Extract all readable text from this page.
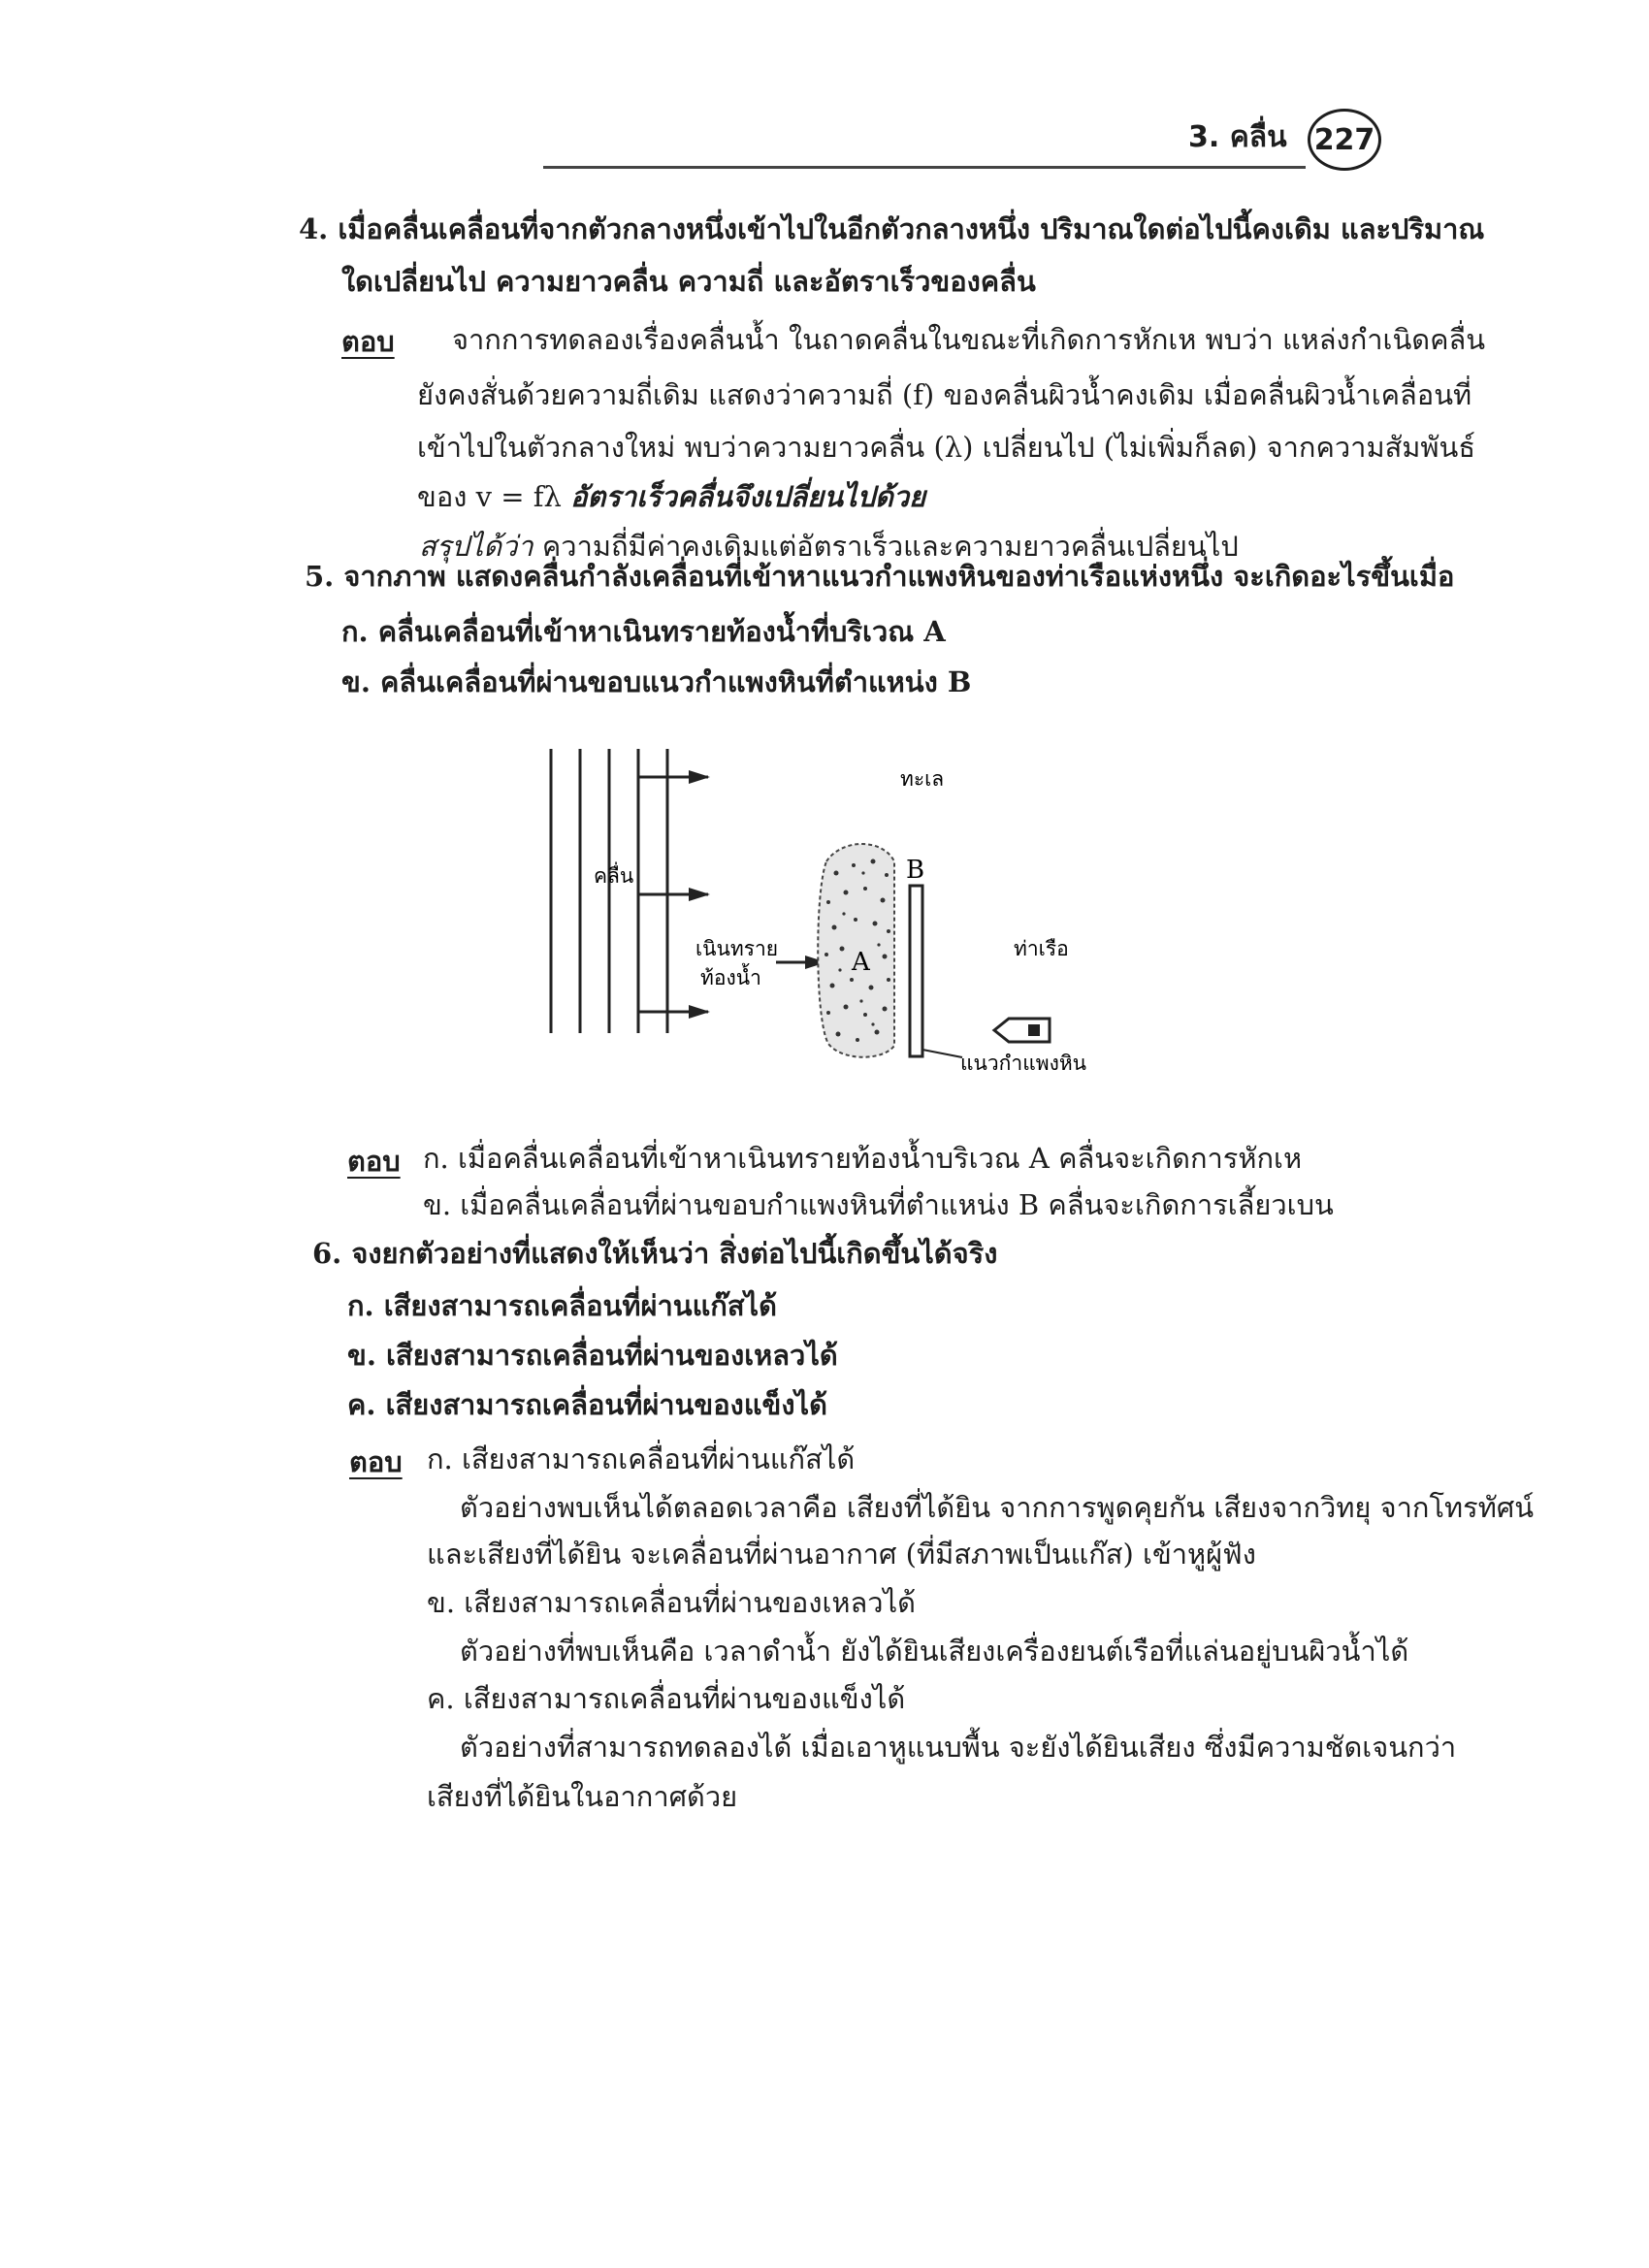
3. คลื่น 227
4. เมื่อคลื่นเคลื่อนที่จากตัวกลางหนึ่งเข้าไปในอีกตัวกลางหนึ่ง ปริมาณใดต่อไปนี้คงเดิม และปริมาณ
ใดเปลี่ยนไป ความยาวคลื่น ความถี่ และอัตราเร็วของคลื่น
ตอบ จากการทดลองเรื่องคลื่นน้ำ ในถาดคลื่นในขณะที่เกิดการหักเห พบว่า แหล่งกำเนิดคลื่น
ยังคงสั่นด้วยความถี่เดิม แสดงว่าความถี่ (f) ของคลื่นผิวน้ำคงเดิม เมื่อคลื่นผิวน้ำเคลื่อนที่
เข้าไปในตัวกลางใหม่ พบว่าความยาวคลื่น (λ) เปลี่ยนไป (ไม่เพิ่มก็ลด) จากความสัมพันธ์
ของ v = fλ อัตราเร็วคลื่นจึงเปลี่ยนไปด้วย
สรุปได้ว่า ความถี่มีค่าคงเดิมแต่อัตราเร็วและความยาวคลื่นเปลี่ยนไป
5. จากภาพ แสดงคลื่นกำลังเคลื่อนที่เข้าหาแนวกำแพงหินของท่าเรือแห่งหนึ่ง จะเกิดอะไรขึ้นเมื่อ
ก. คลื่นเคลื่อนที่เข้าหาเนินทรายท้องน้ำที่บริเวณ A
ข. คลื่นเคลื่อนที่ผ่านขอบแนวกำแพงหินที่ตำแหน่ง B
ทะเล
คลื่น
เนินทราย
ท้องน้ำ
A
B
ท่าเรือ
แนวกำแพงหิน
ตอบ ก. เมื่อคลื่นเคลื่อนที่เข้าหาเนินทรายท้องน้ำบริเวณ A คลื่นจะเกิดการหักเห
ข. เมื่อคลื่นเคลื่อนที่ผ่านขอบกำแพงหินที่ตำแหน่ง B คลื่นจะเกิดการเลี้ยวเบน
6. จงยกตัวอย่างที่แสดงให้เห็นว่า สิ่งต่อไปนี้เกิดขึ้นได้จริง
ก. เสียงสามารถเคลื่อนที่ผ่านแก๊สได้
ข. เสียงสามารถเคลื่อนที่ผ่านของเหลวได้
ค. เสียงสามารถเคลื่อนที่ผ่านของแข็งได้
ตอบ ก. เสียงสามารถเคลื่อนที่ผ่านแก๊สได้
ตัวอย่างพบเห็นได้ตลอดเวลาคือ เสียงที่ได้ยิน จากการพูดคุยกัน เสียงจากวิทยุ จากโทรทัศน์
และเสียงที่ได้ยิน จะเคลื่อนที่ผ่านอากาศ (ที่มีสภาพเป็นแก๊ส) เข้าหูผู้ฟัง
ข. เสียงสามารถเคลื่อนที่ผ่านของเหลวได้
ตัวอย่างที่พบเห็นคือ เวลาดำน้ำ ยังได้ยินเสียงเครื่องยนต์เรือที่แล่นอยู่บนผิวน้ำได้
ค. เสียงสามารถเคลื่อนที่ผ่านของแข็งได้
ตัวอย่างที่สามารถทดลองได้ เมื่อเอาหูแนบพื้น จะยังได้ยินเสียง ซึ่งมีความชัดเจนกว่า
เสียงที่ได้ยินในอากาศด้วย
